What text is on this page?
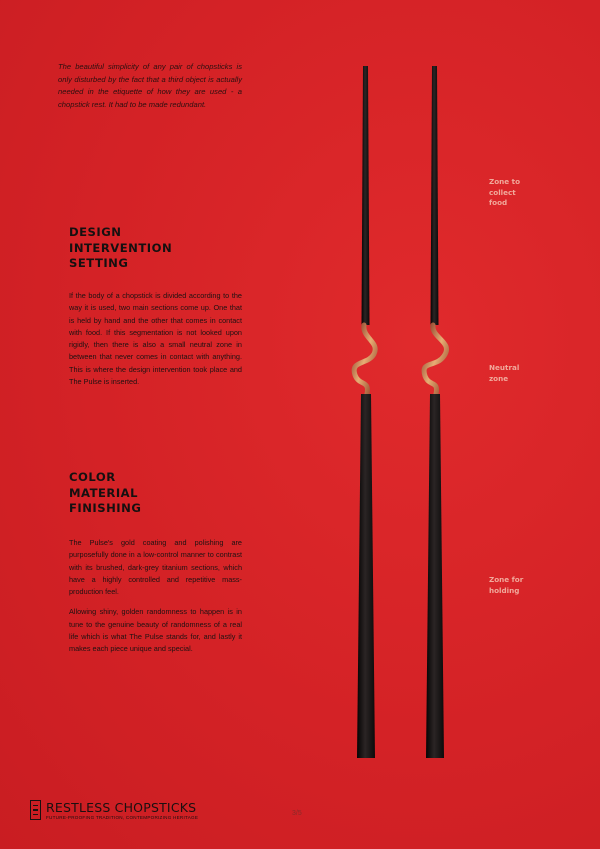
The beautiful simplicity of any pair of chopsticks is only disturbed by the fact that a third object is actually needed in the etiquette of how they are used - a chopstick rest. It had to be made redundant.

DESIGN
INTERVENTION
SETTING

If the body of a chopstick is divided according to the way it is used, two main sections come up. One that is held by hand and the other that comes in contact with food. If this segmentation is not looked upon rigidly, then there is also a small neutral zone in between that never comes in contact with anything. This is where the design intervention took place and The Pulse is inserted.

COLOR
MATERIAL
FINISHING

The Pulse's gold coating and polishing are purposefully done in a low-control manner to contrast with its brushed, dark-grey titanium sections, which have a highly controlled and repetitive mass-production feel.

Allowing shiny, golden randomness to happen is in tune to the genuine beauty of randomness of a real life which is what The Pulse stands for, and lastly it makes each piece unique and special.

Zone to
collect
food
Neutral
zone
Zone for
holding
RESTLESS CHOPSTICKS
FUTURE-PROOFING TRADITION, CONTEMPORIZING HERITAGE	3/5
